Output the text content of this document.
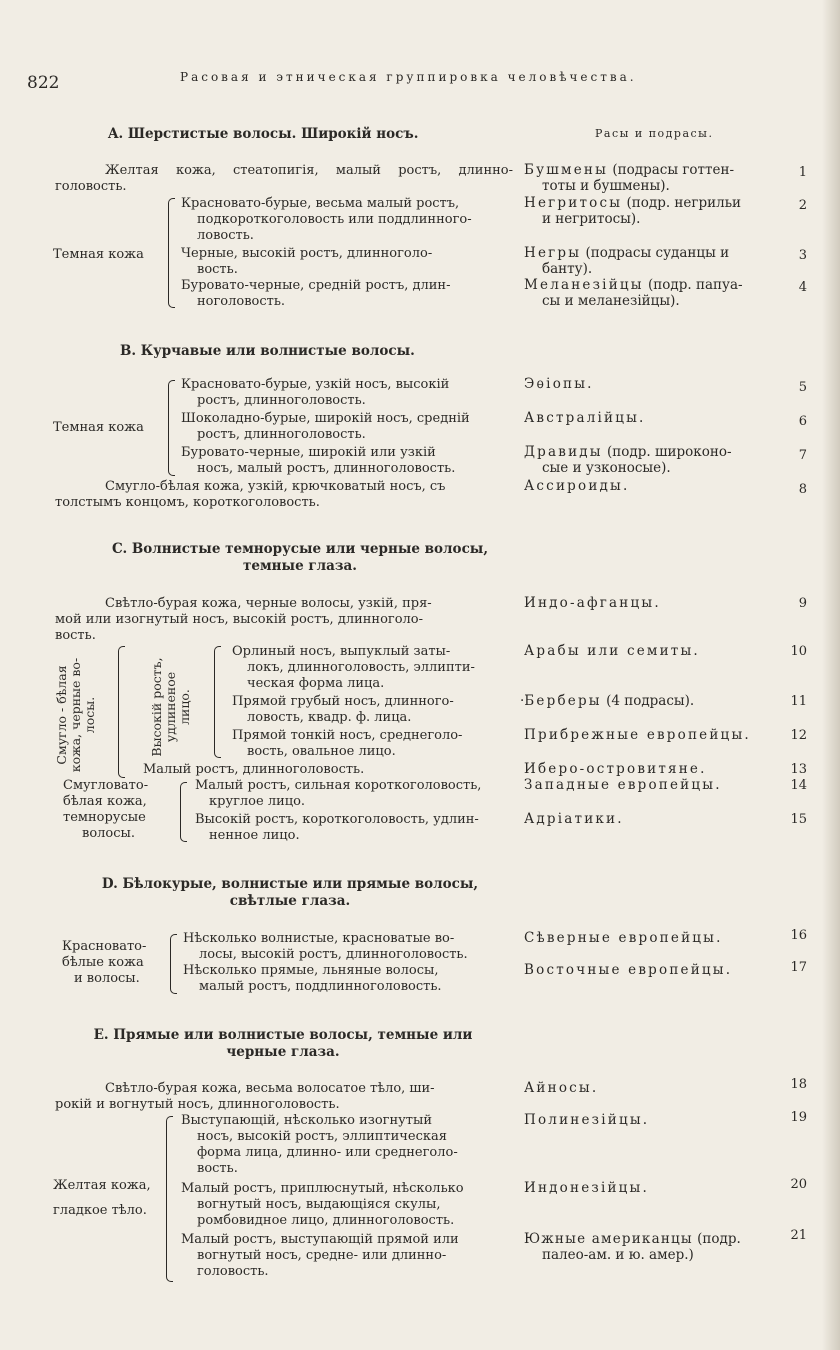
822	Расовая и этническая группировка человѣчества.
Расы и подрасы.
A. Шерстистые волосы. Широкій носъ.
Желтая кожа, стеатопигія, малый ростъ, длинно-
головость.
Бушмены (подрасы готтен-
тоты и бушмены).
1
Темная кожа
Красновато-бурые, весьма малый ростъ,
подкороткоголовость или поддлинного-
ловость.
Негритосы (подр. негрильи
и негритосы).
2
Черные, высокій ростъ, длинноголо-
вость.
Негры (подрасы суданцы и
банту).
3
Буровато-черные, средній ростъ, длин-
ноголовость.
Меланезійцы (подр. папуа-
сы и меланезійцы).
4
B. Курчавые или волнистые волосы.
Темная кожа
Красновато-бурые, узкій носъ, высокій
ростъ, длинноголовость.
Эѳіопы.	5
Шоколадно-бурые, широкій носъ, средній
ростъ, длинноголовость.
Австралійцы.	6
Буровато-черные, широкій или узкій
носъ, малый ростъ, длинноголовость.
Дравиды (подр. широконо-
сые и узконосые).
7
Смугло-бѣлая кожа, узкій, крючковатый носъ, съ
толстымъ концомъ, короткоголовость.
Ассироиды.	8
C. Волнистые темнорусые или черные волосы,
темные глаза.
Свѣтло-бурая кожа, черные волосы, узкій, пря-
мой или изогнутый носъ, высокій ростъ, длинноголо-
вость.
Индо-афганцы.	9
Смугло - бѣлая
кожа, черные во-
лосы.	Высокій ростъ,
удлиненое
лицо.
Орлиный носъ, выпуклый заты-
локъ, длинноголовость, эллипти-
ческая форма лица.
Арабы или семиты.	10
Прямой грубый носъ, длинного-
ловость, квадр. ф. лица.
·Берберы (4 подрасы).	11
Прямой тонкій носъ, среднеголо-
вость, овальное лицо.
Прибрежные европейцы.	12
Малый ростъ, длинноголовость.	Иберо-островитяне.	13
Смугловато-
бѣлая кожа,
темнорусые
волосы.
Малый ростъ, сильная короткоголовость,
круглое лицо.
Западные европейцы.	14
Высокій ростъ, короткоголовость, удлин-
ненное лицо.
Адріатики.	15
D. Бѣлокурые, волнистые или прямые волосы,
свѣтлые глаза.
Красновато-
бѣлые кожа
и волосы.
Нѣсколько волнистые, красноватые во-
лосы, высокій ростъ, длинноголовость.
Сѣверные европейцы.	16
Нѣсколько прямые, льняные волосы,
малый ростъ, поддлинноголовость.
Восточные европейцы.	17
E. Прямые или волнистые волосы, темные или
черные глаза.
Свѣтло-бурая кожа, весьма волосатое тѣло, ши-
рокій и вогнутый носъ, длинноголовость.
Айносы.	18
Желтая кожа,
гладкое тѣло.
Выступающій, нѣсколько изогнутый
носъ, высокій ростъ, эллиптическая
форма лица, длинно- или среднеголо-
вость.
Полинезійцы.	19
Малый ростъ, приплюснутый, нѣсколько
вогнутый носъ, выдающіяся скулы,
ромбовидное лицо, длинноголовость.
Индонезійцы.	20
Малый ростъ, выступающій прямой или
вогнутый носъ, средне- или длинно-
головость.
Южные американцы (подр.
палео-ам. и ю. амер.)
21
